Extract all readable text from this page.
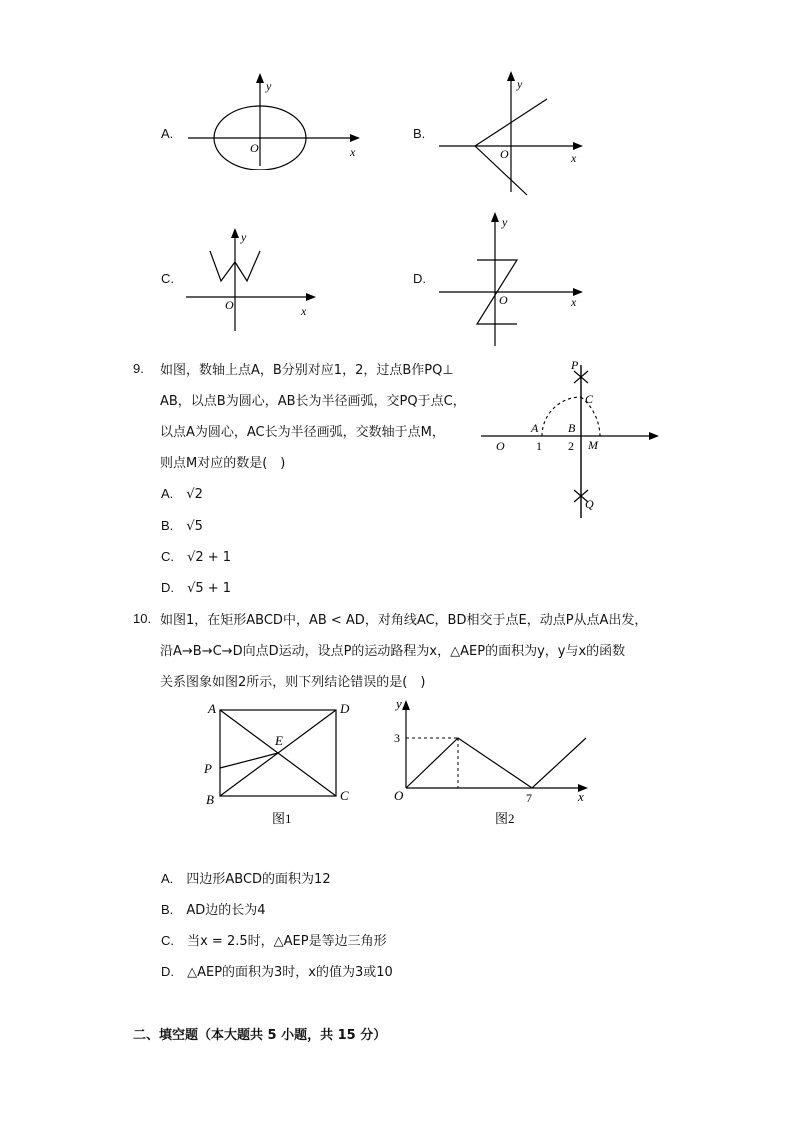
A.
y
x
O
B.
y
x
O
C.
y
x
O
D.
y
x
O
9. 如图，数轴上点A，B分别对应1，2，过点B作PQ⊥
AB，以点B为圆心，AB长为半径画弧，交PQ于点C，
以点A为圆心，AC长为半径画弧，交数轴于点M，
则点M对应的数是(　)
A. √2
B. √5
C. √2 + 1
D. √5 + 1
P
C
A B
O	1 2 M
Q
10. 如图1，在矩形ABCD中，AB < AD，对角线AC，BD相交于点E，动点P从点A出发，
沿A→B→C→D向点D运动，设点P的运动路程为x，△AEP的面积为y，y与x的函数
关系图象如图2所示，则下列结论错误的是(　)
A	D
E
P
B	C
图1
y
3
O	7	x
图2
A. 四边形ABCD的面积为12
B. AD边的长为4
C. 当x = 2.5时，△AEP是等边三角形
D. △AEP的面积为3时，x的值为3或10
二、填空题（本大题共 5 小题，共 15 分）
